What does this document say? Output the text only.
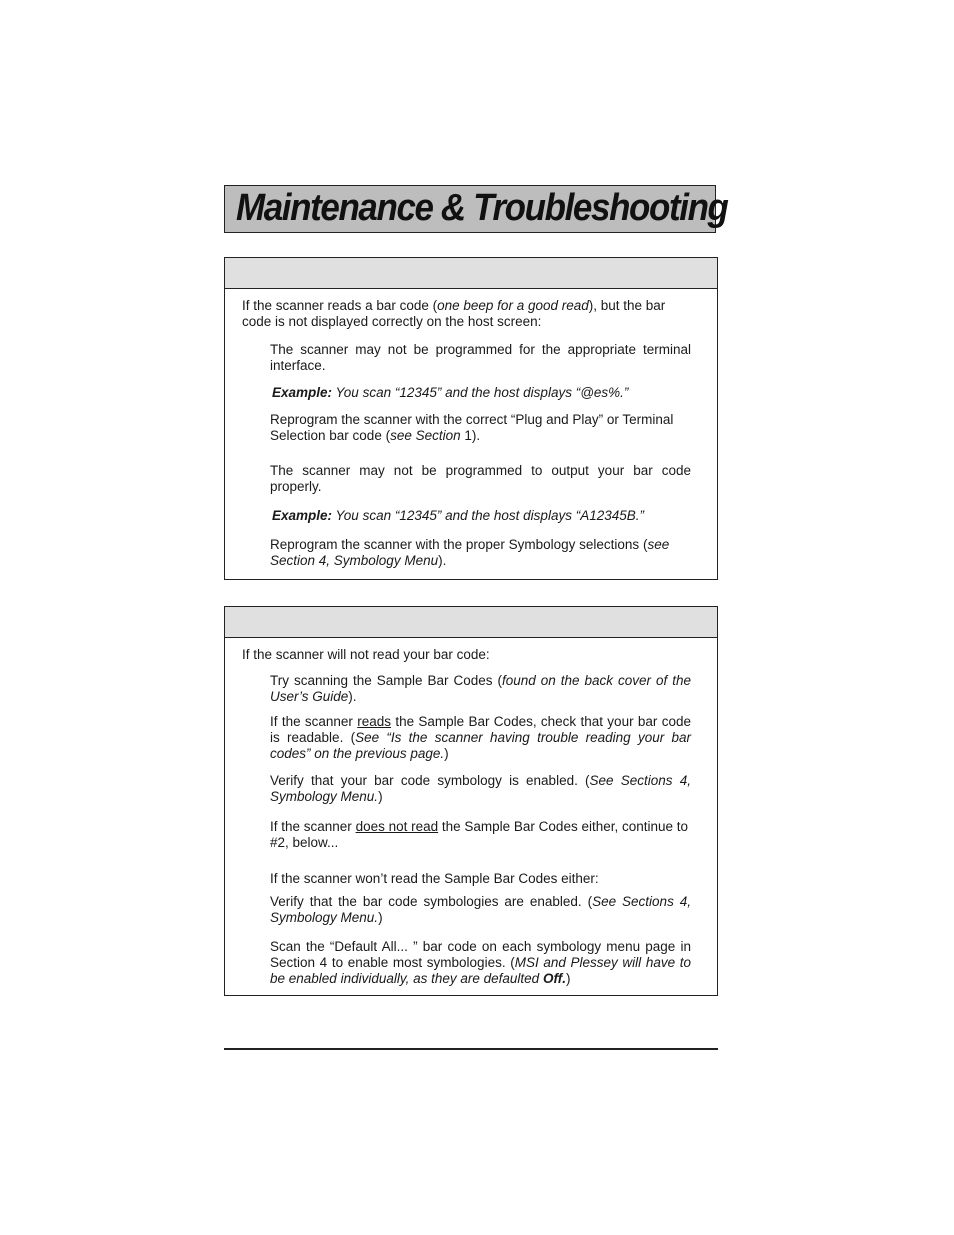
Maintenance & Troubleshooting

If the scanner reads a bar code (one beep for a good read), but the bar code is not displayed correctly on the host screen:

The scanner may not be programmed for the appropriate terminal interface.

Example: You scan “12345” and the host displays “@es%.”

Reprogram the scanner with the correct “Plug and Play” or Terminal Selection bar code (see Section 1).

The scanner may not be programmed to output your bar code properly.

Example: You scan “12345” and the host displays “A12345B.”

Reprogram the scanner with the proper Symbology selections (see Section 4, Symbology Menu).

If the scanner will not read your bar code:

Try scanning the Sample Bar Codes (found on the back cover of the User’s Guide).

If the scanner reads the Sample Bar Codes, check that your bar code is readable. (See “Is the scanner having trouble reading your bar codes” on the previous page.)

Verify that your bar code symbology is enabled. (See Sections 4, Symbology Menu.)

If the scanner does not read the Sample Bar Codes either, continue to #2, below...

If the scanner won’t read the Sample Bar Codes either:

Verify that the bar code symbologies are enabled. (See Sections 4, Symbology Menu.)

Scan the “Default All... ” bar code on each symbology menu page in Section 4 to enable most symbologies. (MSI and Plessey will have to be enabled individually, as they are defaulted Off.)
